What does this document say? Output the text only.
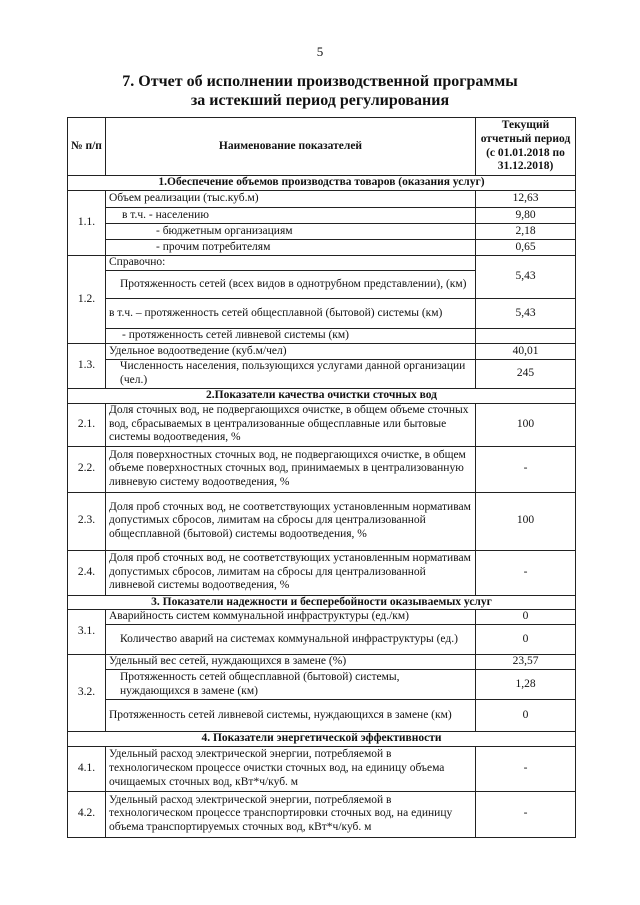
5
7. Отчет об исполнении производственной программы
за истекший период регулирования
№ п/п	Наименование показателей	Текущий отчетный период (с 01.01.2018 по 31.12.2018)
1.Обеспечение объемов производства товаров (оказания услуг)		
1.1.	Объем реализации (тыс.куб.м)	12,63
	в т.ч. - населению	9,80
	- бюджетным организациям	2,18
	- прочим потребителям	0,65
1.2.	Справочно:	5,43
	Протяженность сетей (всех видов в однотрубном представлении), (км)	
	в т.ч. – протяженность сетей общесплавной (бытовой) системы (км)	5,43
	- протяженность сетей ливневой системы (км)	
1.3.	Удельное водоотведение (куб.м/чел)	40,01
	Численность населения, пользующихся услугами данной организации (чел.)	245
2.Показатели качества очистки сточных вод		
2.1.	Доля сточных вод, не подвергающихся очистке, в общем объеме сточных вод, сбрасываемых в централизованные общесплавные или бытовые системы водоотведения, %	100
2.2.	Доля поверхностных сточных вод, не подвергающихся очистке, в общем объеме поверхностных сточных вод, принимаемых в централизованную ливневую систему водоотведения, %	-
2.3.	Доля проб сточных вод, не соответствующих установленным нормативам допустимых сбросов, лимитам на сбросы для централизованной общесплавной (бытовой) системы водоотведения, %	100
2.4.	Доля проб сточных вод, не соответствующих установленным нормативам допустимых сбросов, лимитам на сбросы для централизованной ливневой системы водоотведения, %	-
3. Показатели надежности и бесперебойности оказываемых услуг		
3.1.	Аварийность систем коммунальной инфраструктуры (ед./км)	0
	Количество аварий на системах коммунальной инфраструктуры (ед.)	0
3.2.	Удельный вес сетей, нуждающихся в замене (%)	23,57
	Протяженность сетей общесплавной (бытовой) системы, нуждающихся в замене (км)	1,28
	Протяженность сетей ливневой системы, нуждающихся в замене (км)	0
4. Показатели энергетической эффективности		
4.1.	Удельный расход электрической энергии, потребляемой в технологическом процессе очистки сточных вод, на единицу объема очищаемых сточных вод, кВт*ч/куб. м	-
4.2.	Удельный расход электрической энергии, потребляемой в технологическом процессе транспортировки сточных вод, на единицу объема транспортируемых сточных вод, кВт*ч/куб. м	-
